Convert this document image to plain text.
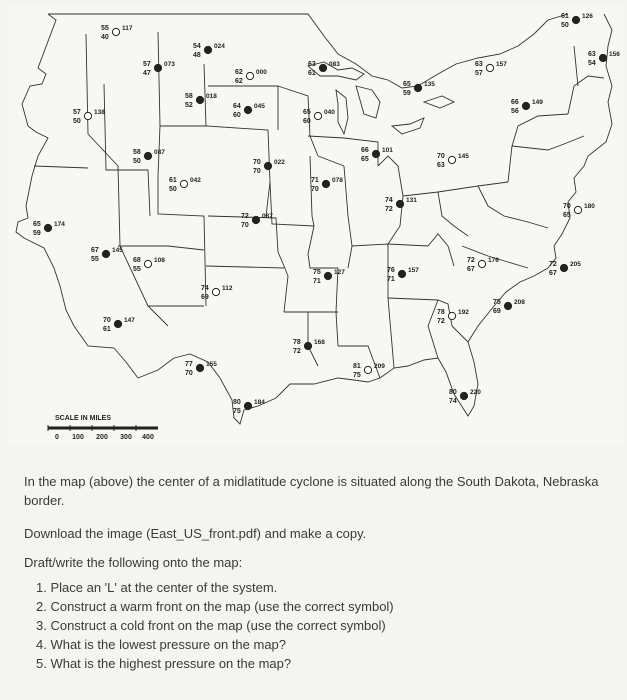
55
40
117
57
47
073
54
48
024
62
62
000
63
61
083
65
59
135
63
57
157
61
50
126
63
54
156
57
50
138
58
52
018
64
60
045
65
60
040
66
56
149
58
50
087
61
50
042
70
70
022
66
65
101
70
63
145
71
70
078
74
72
131
70
65
180
65
59
174
72
70
087
72
67
176
72
67
205
67
55
145
68
55
108
75
71
127	76
71
157
74
69
112
75
69
208
70
61
147
78
72
192
78
72
168
77
70
155	81
75
209
80
74
220
80
75
184
SCALE IN MILES
0 100 200 300 400

In the map (above) the center of a midlatitude cyclone is situated along the South Dakota, Nebraska border.

Download the image (East_US_front.pdf) and make a copy.

Draft/write the following onto the map:

1. Place an 'L' at the center of the system.
2. Construct a warm front on the map (use the correct symbol)
3. Construct a cold front on the map (use the correct symbol)
4. What is the lowest pressure on the map?
5. What is the highest pressure on the map?
